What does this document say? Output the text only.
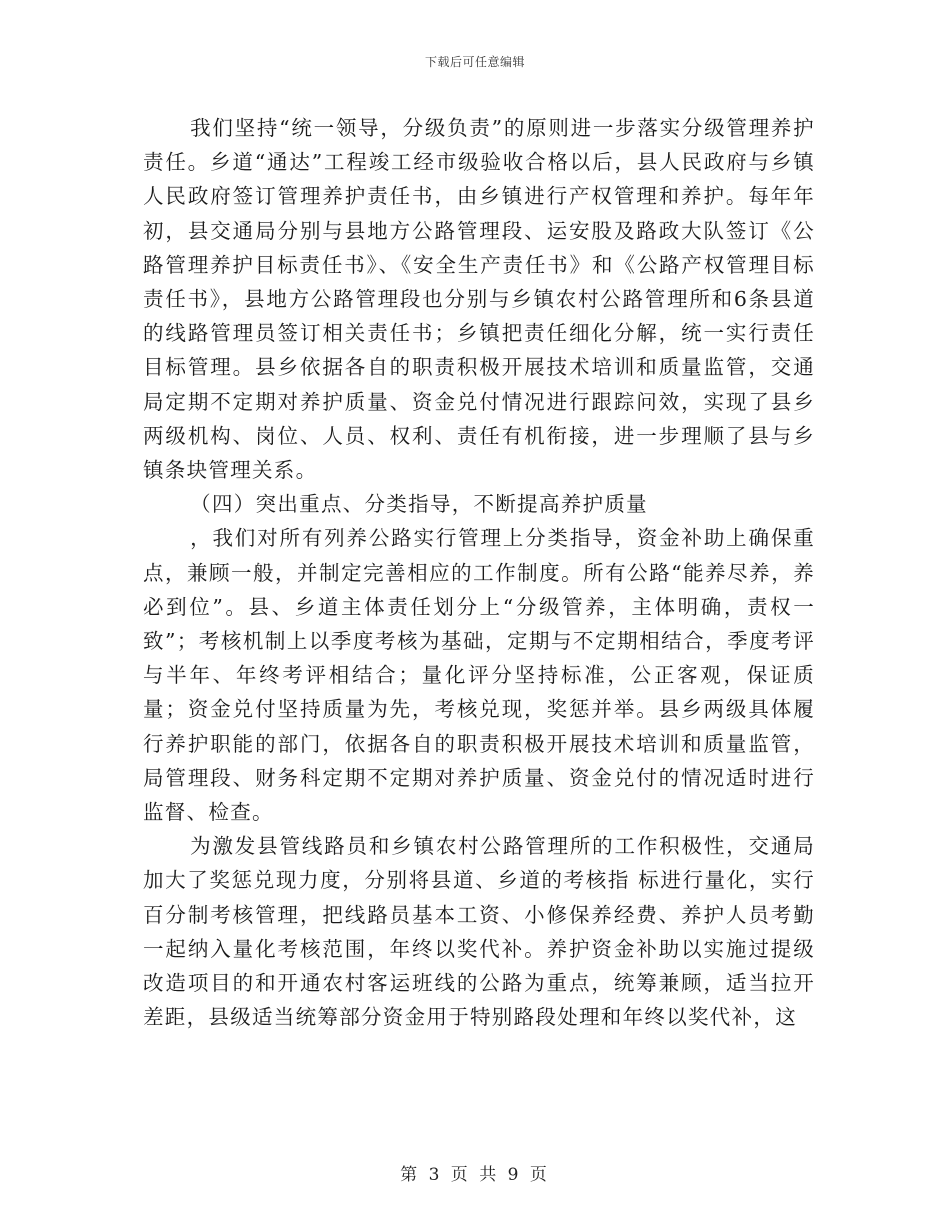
下载后可任意编辑

我们坚持“统一领导，分级负责”的原则进一步落实分级管理养护责任。乡道“通达”工程竣工经市级验收合格以后，县人民政府与乡镇人民政府签订管理养护责任书，由乡镇进行产权管理和养护。每年年初，县交通局分别与县地方公路管理段、运安股及路政大队签订《公路管理养护目标责任书》、《安全生产责任书》和《公路产权管理目标责任书》，县地方公路管理段也分别与乡镇农村公路管理所和6条县道的线路管理员签订相关责任书；乡镇把责任细化分解，统一实行责任目标管理。县乡依据各自的职责积极开展技术培训和质量监管，交通局定期不定期对养护质量、资金兑付情况进行跟踪问效，实现了县乡两级机构、岗位、人员、权利、责任有机衔接，进一步理顺了县与乡镇条块管理关系。

（四）突出重点、分类指导，不断提高养护质量

，我们对所有列养公路实行管理上分类指导，资金补助上确保重点，兼顾一般，并制定完善相应的工作制度。所有公路“能养尽养，养必到位”。县、乡道主体责任划分上“分级管养，主体明确，责权一致”；考核机制上以季度考核为基础，定期与不定期相结合，季度考评与半年、年终考评相结合；量化评分坚持标准，公正客观，保证质量；资金兑付坚持质量为先，考核兑现，奖惩并举。县乡两级具体履行养护职能的部门，依据各自的职责积极开展技术培训和质量监管，局管理段、财务科定期不定期对养护质量、资金兑付的情况适时进行监督、检查。

为激发县管线路员和乡镇农村公路管理所的工作积极性，交通局加大了奖惩兑现力度，分别将县道、乡道的考核指 标进行量化，实行百分制考核管理，把线路员基本工资、小修保养经费、养护人员考勤一起纳入量化考核范围，年终以奖代补。养护资金补助以实施过提级改造项目的和开通农村客运班线的公路为重点，统筹兼顾，适当拉开差距，县级适当统筹部分资金用于特别路段处理和年终以奖代补，这

第 3 页 共 9 页
